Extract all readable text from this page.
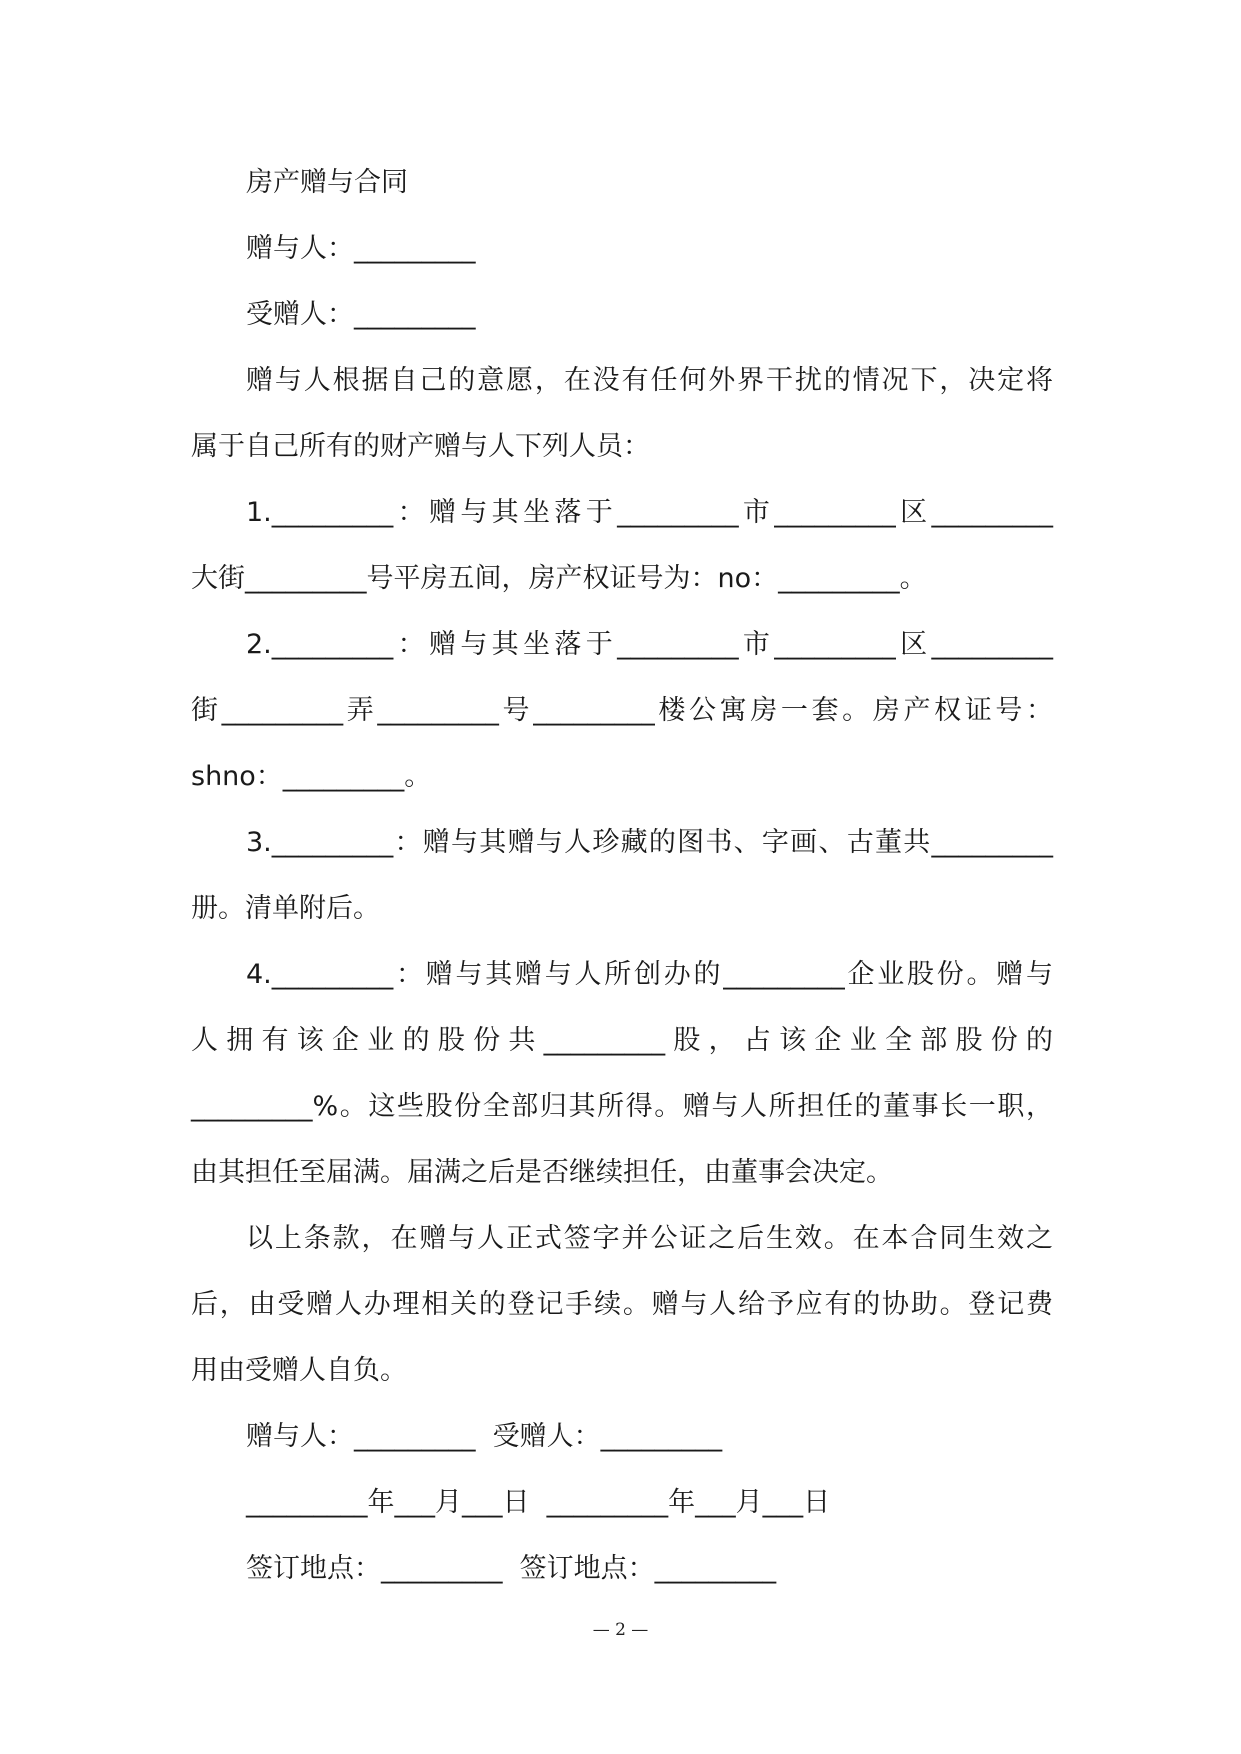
房产赠与合同

赠与人：_________

受赠人：_________

赠与人根据自己的意愿，在没有任何外界干扰的情况下，决定将

属于自己所有的财产赠与人下列人员：

1._________：赠与其坐落于_________市_________区_________

大街_________号平房五间，房产权证号为：no：_________。

2._________：赠与其坐落于_________市_________区_________

街_________弄_________号_________楼公寓房一套。房产权证号：

shno：_________。

3._________：赠与其赠与人珍藏的图书、字画、古董共_________

册。清单附后。

4._________：赠与其赠与人所创办的_________企业股份。赠与

人拥有该企业的股份共_________股，占该企业全部股份的

_________%。这些股份全部归其所得。赠与人所担任的董事长一职，

由其担任至届满。届满之后是否继续担任，由董事会决定。

以上条款，在赠与人正式签字并公证之后生效。在本合同生效之

后，由受赠人办理相关的登记手续。赠与人给予应有的协助。登记费

用由受赠人自负。

赠与人：_________  受赠人：_________

_________年___月___日  _________年___月___日

签订地点：_________  签订地点：_________

— 2 —
